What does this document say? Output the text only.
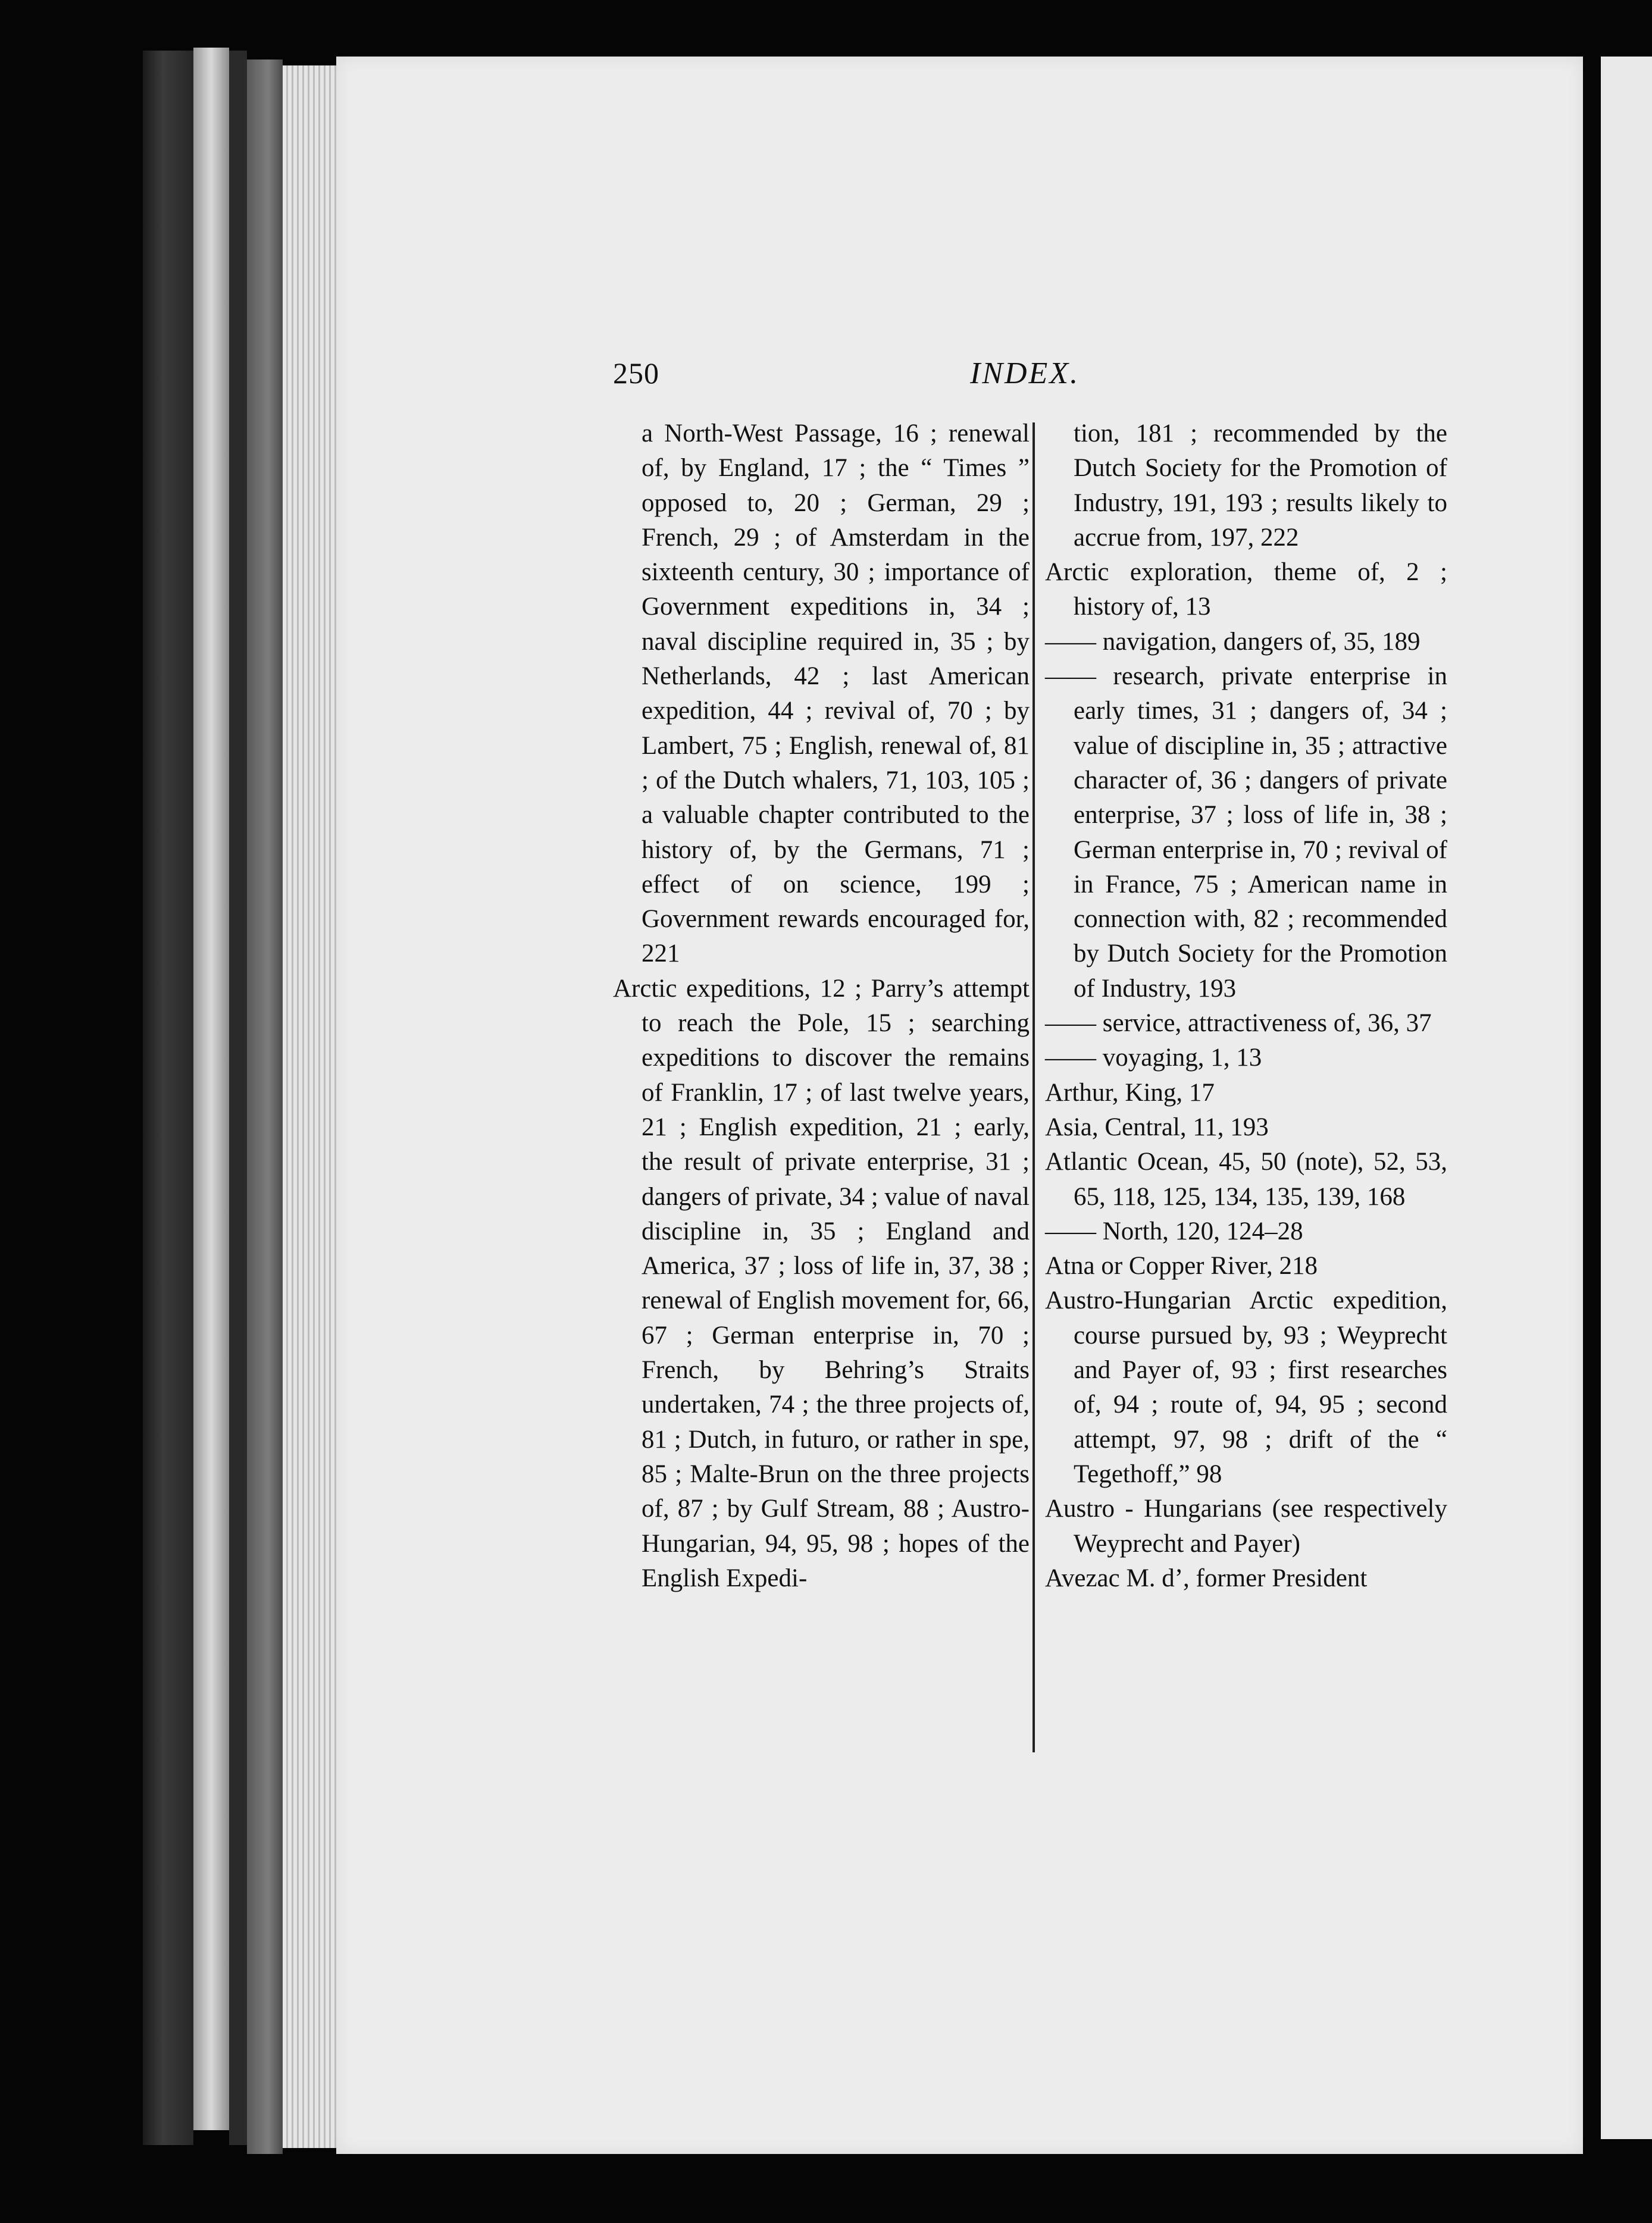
250	INDEX.

a North-West Passage, 16 ; renewal of, by England, 17 ; the “ Times ” opposed to, 20 ; German, 29 ; French, 29 ; of Amsterdam in the sixteenth century, 30 ; importance of Government expeditions in, 34 ; naval discipline required in, 35 ; by Netherlands, 42 ; last American expedition, 44 ; revival of, 70 ; by Lambert, 75 ; English, renewal of, 81 ; of the Dutch whalers, 71, 103, 105 ; a valuable chapter contributed to the history of, by the Germans, 71 ; effect of on science, 199 ; Government rewards encouraged for, 221

Arctic expeditions, 12 ; Parry’s attempt to reach the Pole, 15 ; searching expeditions to discover the remains of Franklin, 17 ; of last twelve years, 21 ; English expedition, 21 ; early, the result of private enterprise, 31 ; dangers of private, 34 ; value of naval discipline in, 35 ; England and America, 37 ; loss of life in, 37, 38 ; renewal of English movement for, 66, 67 ; German enterprise in, 70 ; French, by Behring’s Straits undertaken, 74 ; the three projects of, 81 ; Dutch, in futuro, or rather in spe, 85 ; Malte-Brun on the three projects of, 87 ; by Gulf Stream, 88 ; Austro-Hungarian, 94, 95, 98 ; hopes of the English Expedi-

tion, 181 ; recommended by the Dutch Society for the Promotion of Industry, 191, 193 ; results likely to accrue from, 197, 222

Arctic exploration, theme of, 2 ; history of, 13

—— navigation, dangers of, 35, 189

—— research, private enterprise in early times, 31 ; dangers of, 34 ; value of discipline in, 35 ; attractive character of, 36 ; dangers of private enterprise, 37 ; loss of life in, 38 ; German enterprise in, 70 ; revival of in France, 75 ; American name in connection with, 82 ; recommended by Dutch Society for the Promotion of Industry, 193

—— service, attractiveness of, 36, 37

—— voyaging, 1, 13

Arthur, King, 17

Asia, Central, 11, 193

Atlantic Ocean, 45, 50 (note), 52, 53, 65, 118, 125, 134, 135, 139, 168

—— North, 120, 124–28

Atna or Copper River, 218

Austro-Hungarian Arctic expedition, course pursued by, 93 ; Weyprecht and Payer of, 93 ; first researches of, 94 ; route of, 94, 95 ; second attempt, 97, 98 ; drift of the “ Tegethoff,” 98

Austro - Hungarians (see respectively Weyprecht and Payer)

Avezac M. d’, former President
